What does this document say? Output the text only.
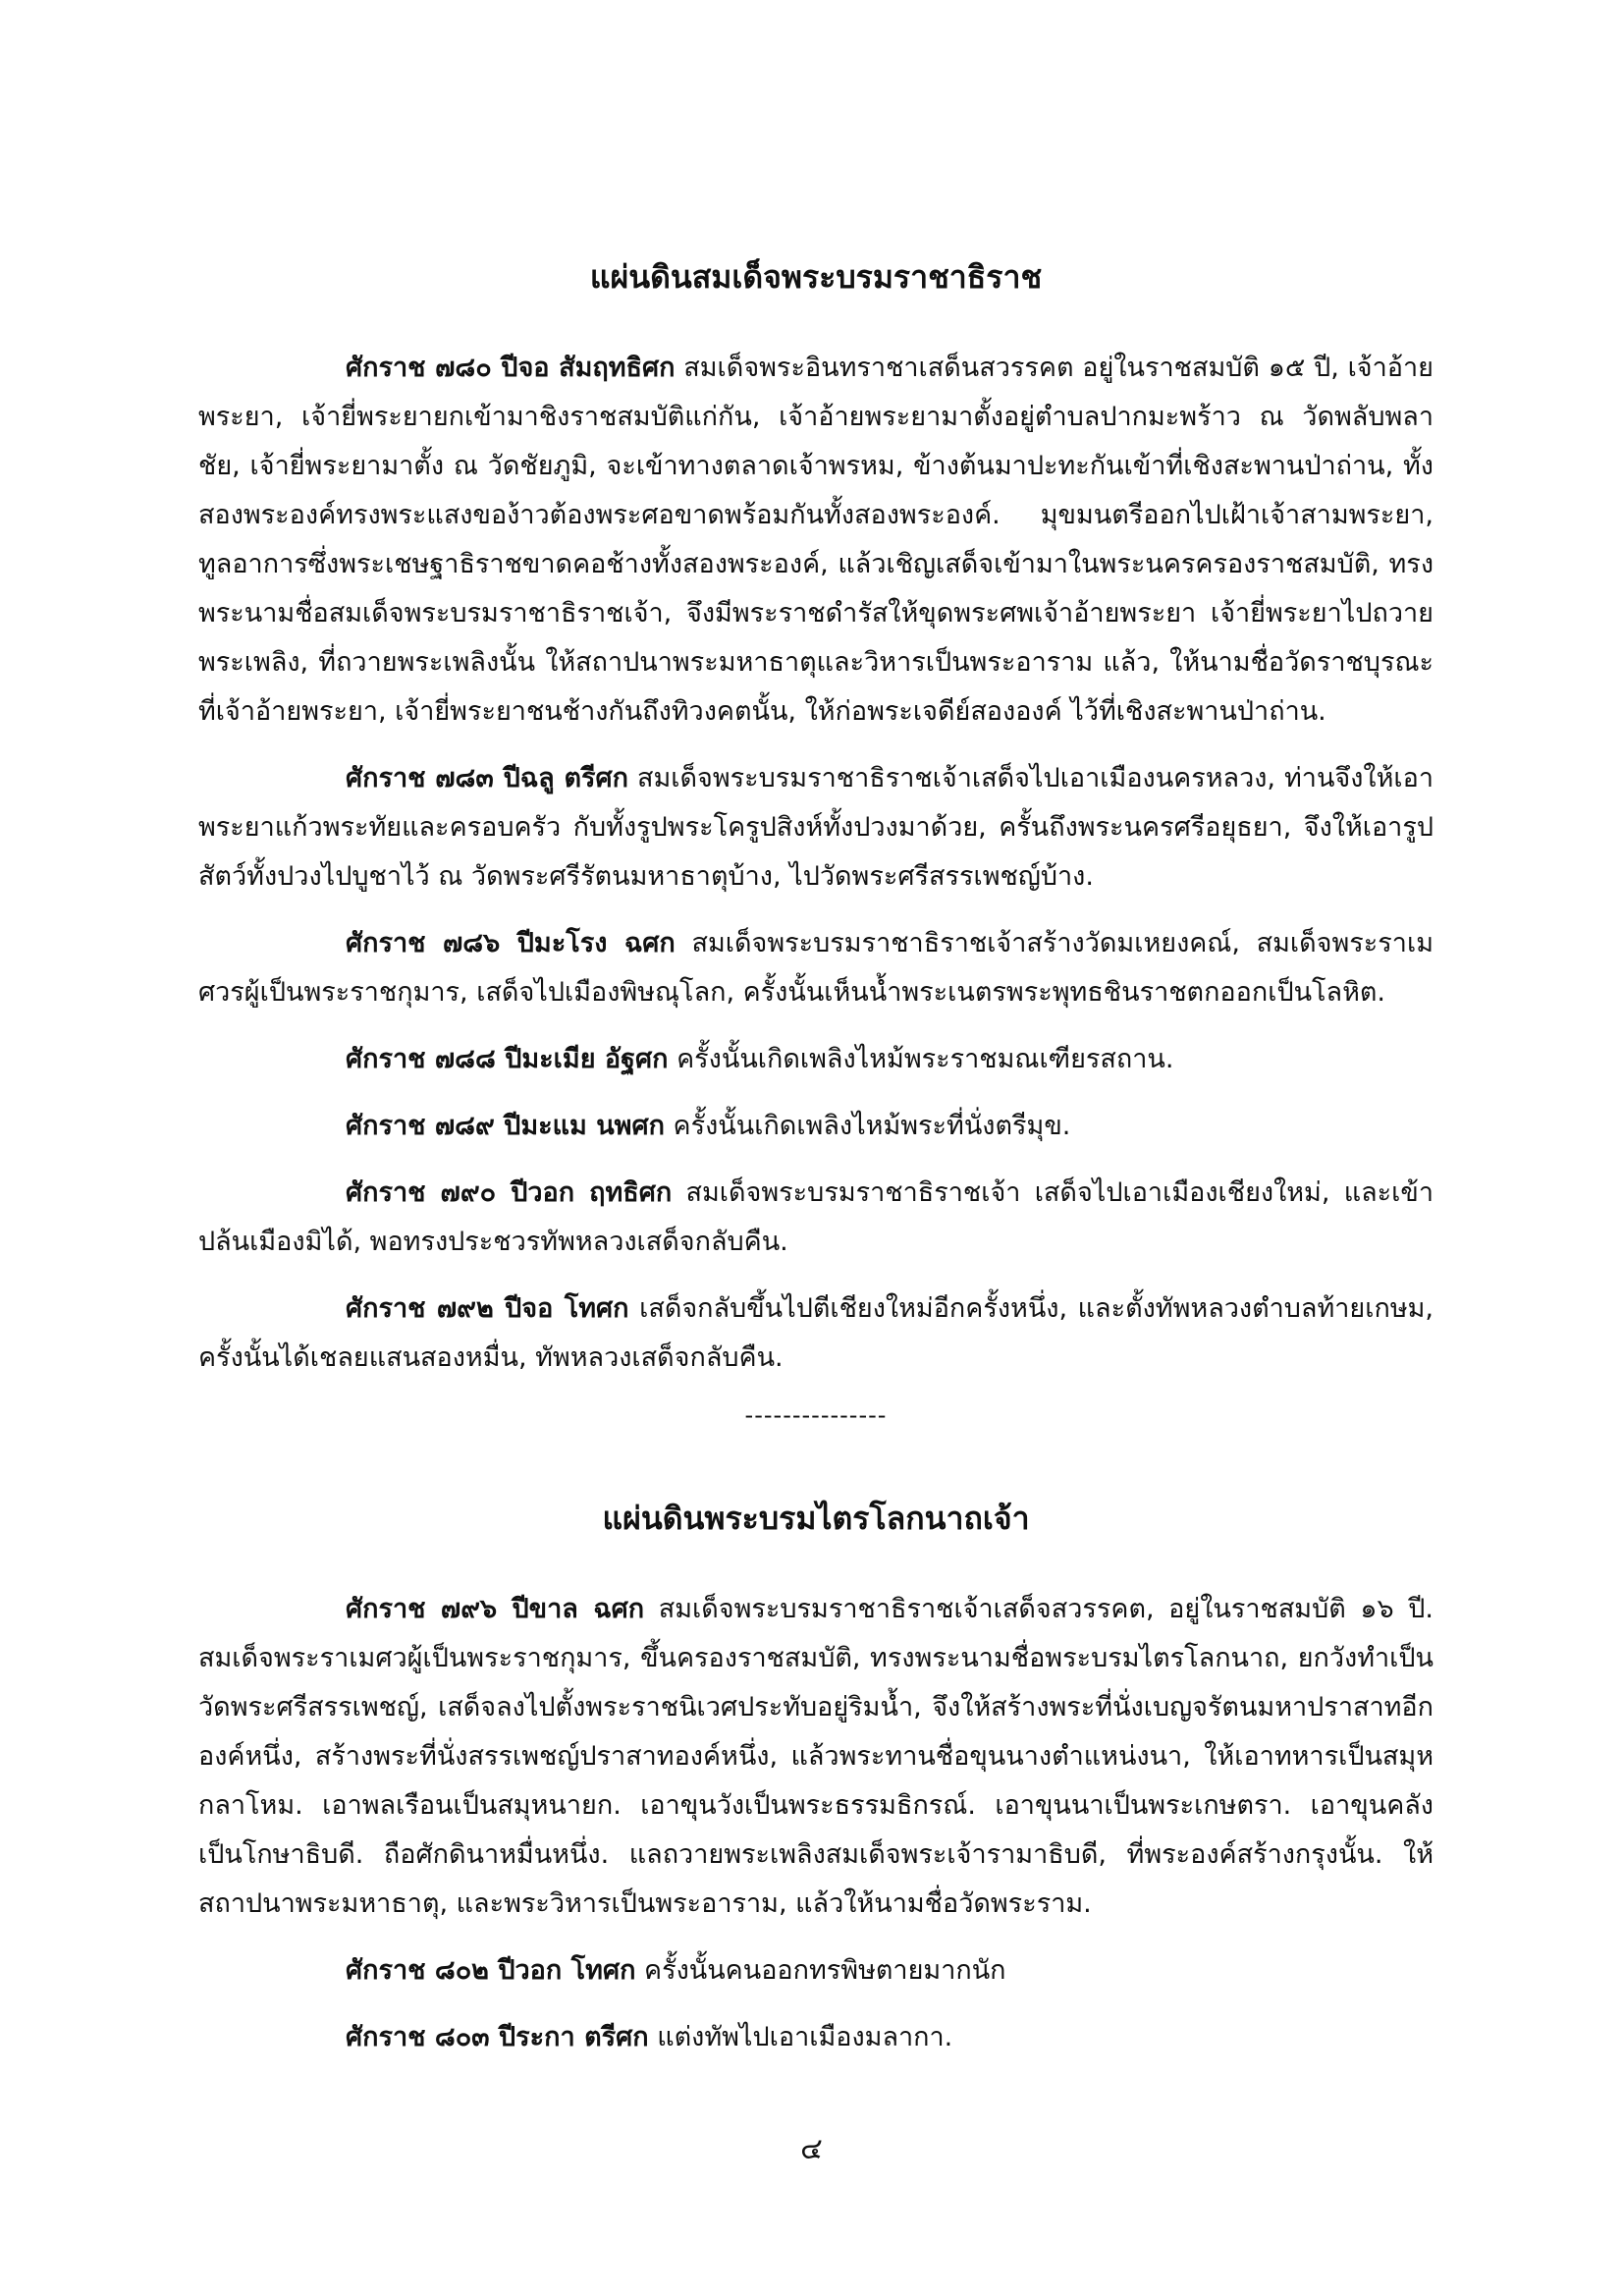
แผ่นดินสมเด็จพระบรมราชาธิราช

ศักราช ๗๘๐ ปีจอ สัมฤทธิศก สมเด็จพระอินทราชาเสด็นสวรรคต อยู่ในราชสมบัติ ๑๕ ปี, เจ้าอ้ายพระยา, เจ้ายี่พระยายกเข้ามาชิงราชสมบัติแก่กัน, เจ้าอ้ายพระยามาตั้งอยู่ตำบลปากมะพร้าว ณ วัดพลับพลาชัย, เจ้ายี่พระยามาตั้ง ณ วัดชัยภูมิ, จะเข้าทางตลาดเจ้าพรหม, ข้างต้นมาปะทะกันเข้าที่เชิงสะพานป่าถ่าน, ทั้งสองพระองค์ทรงพระแสงของ้าวต้องพระศอขาดพร้อมกันทั้งสองพระองค์. มุขมนตรีออกไปเฝ้าเจ้าสามพระยา, ทูลอาการซึ่งพระเชษฐาธิราชขาดคอช้างทั้งสองพระองค์, แล้วเชิญเสด็จเข้ามาในพระนครครองราชสมบัติ, ทรงพระนามชื่อสมเด็จพระบรมราชาธิราชเจ้า, จึงมีพระราชดำรัสให้ขุดพระศพเจ้าอ้ายพระยา เจ้ายี่พระยาไปถวายพระเพลิง, ที่ถวายพระเพลิงนั้น ให้สถาปนาพระมหาธาตุและวิหารเป็นพระอาราม แล้ว, ให้นามชื่อวัดราชบุรณะ ที่เจ้าอ้ายพระยา, เจ้ายี่พระยาชนช้างกันถึงทิวงคตนั้น, ให้ก่อพระเจดีย์สององค์ ไว้ที่เชิงสะพานป่าถ่าน.

ศักราช ๗๘๓ ปีฉลู ตรีศก สมเด็จพระบรมราชาธิราชเจ้าเสด็จไปเอาเมืองนครหลวง, ท่านจึงให้เอาพระยาแก้วพระทัยและครอบครัว กับทั้งรูปพระโครูปสิงห์ทั้งปวงมาด้วย, ครั้นถึงพระนครศรีอยุธยา, จึงให้เอารูปสัตว์ทั้งปวงไปบูชาไว้ ณ วัดพระศรีรัตนมหาธาตุบ้าง, ไปวัดพระศรีสรรเพชญ์บ้าง.

ศักราช ๗๘๖ ปีมะโรง ฉศก สมเด็จพระบรมราชาธิราชเจ้าสร้างวัดมเหยงคณ์, สมเด็จพระราเมศวรผู้เป็นพระราชกุมาร, เสด็จไปเมืองพิษณุโลก, ครั้งนั้นเห็นน้ำพระเนตรพระพุทธชินราชตกออกเป็นโลหิต.

ศักราช ๗๘๘ ปีมะเมีย อัฐศก ครั้งนั้นเกิดเพลิงไหม้พระราชมณเฑียรสถาน.

ศักราช ๗๘๙ ปีมะแม นพศก ครั้งนั้นเกิดเพลิงไหม้พระที่นั่งตรีมุข.

ศักราช ๗๙๐ ปีวอก ฤทธิศก สมเด็จพระบรมราชาธิราชเจ้า เสด็จไปเอาเมืองเชียงใหม่, และเข้าปล้นเมืองมิได้, พอทรงประชวรทัพหลวงเสด็จกลับคืน.

ศักราช ๗๙๒ ปีจอ โทศก เสด็จกลับขึ้นไปตีเชียงใหม่อีกครั้งหนึ่ง, และตั้งทัพหลวงตำบลท้ายเกษม, ครั้งนั้นได้เชลยแสนสองหมื่น, ทัพหลวงเสด็จกลับคืน.

---------------
แผ่นดินพระบรมไตรโลกนาถเจ้า

ศักราช ๗๙๖ ปีขาล ฉศก สมเด็จพระบรมราชาธิราชเจ้าเสด็จสวรรคต, อยู่ในราชสมบัติ ๑๖ ปี. สมเด็จพระราเมศวผู้เป็นพระราชกุมาร, ขึ้นครองราชสมบัติ, ทรงพระนามชื่อพระบรมไตรโลกนาถ, ยกวังทำเป็นวัดพระศรีสรรเพชญ์, เสด็จลงไปตั้งพระราชนิเวศประทับอยู่ริมน้ำ, จึงให้สร้างพระที่นั่งเบญจรัตนมหาปราสาทอีกองค์หนึ่ง, สร้างพระที่นั่งสรรเพชญ์ปราสาทองค์หนึ่ง, แล้วพระทานชื่อขุนนางตำแหน่งนา, ให้เอาทหารเป็นสมุหกลาโหม. เอาพลเรือนเป็นสมุหนายก. เอาขุนวังเป็นพระธรรมธิกรณ์. เอาขุนนาเป็นพระเกษตรา. เอาขุนคลังเป็นโกษาธิบดี. ถือศักดินาหมื่นหนึ่ง. แลถวายพระเพลิงสมเด็จพระเจ้ารามาธิบดี, ที่พระองค์สร้างกรุงนั้น. ให้สถาปนาพระมหาธาตุ, และพระวิหารเป็นพระอาราม, แล้วให้นามชื่อวัดพระราม.

ศักราช ๘๐๒ ปีวอก โทศก ครั้งนั้นคนออกทรพิษตายมากนัก

ศักราช ๘๐๓ ปีระกา ตรีศก แต่งทัพไปเอาเมืองมลากา.

๔
